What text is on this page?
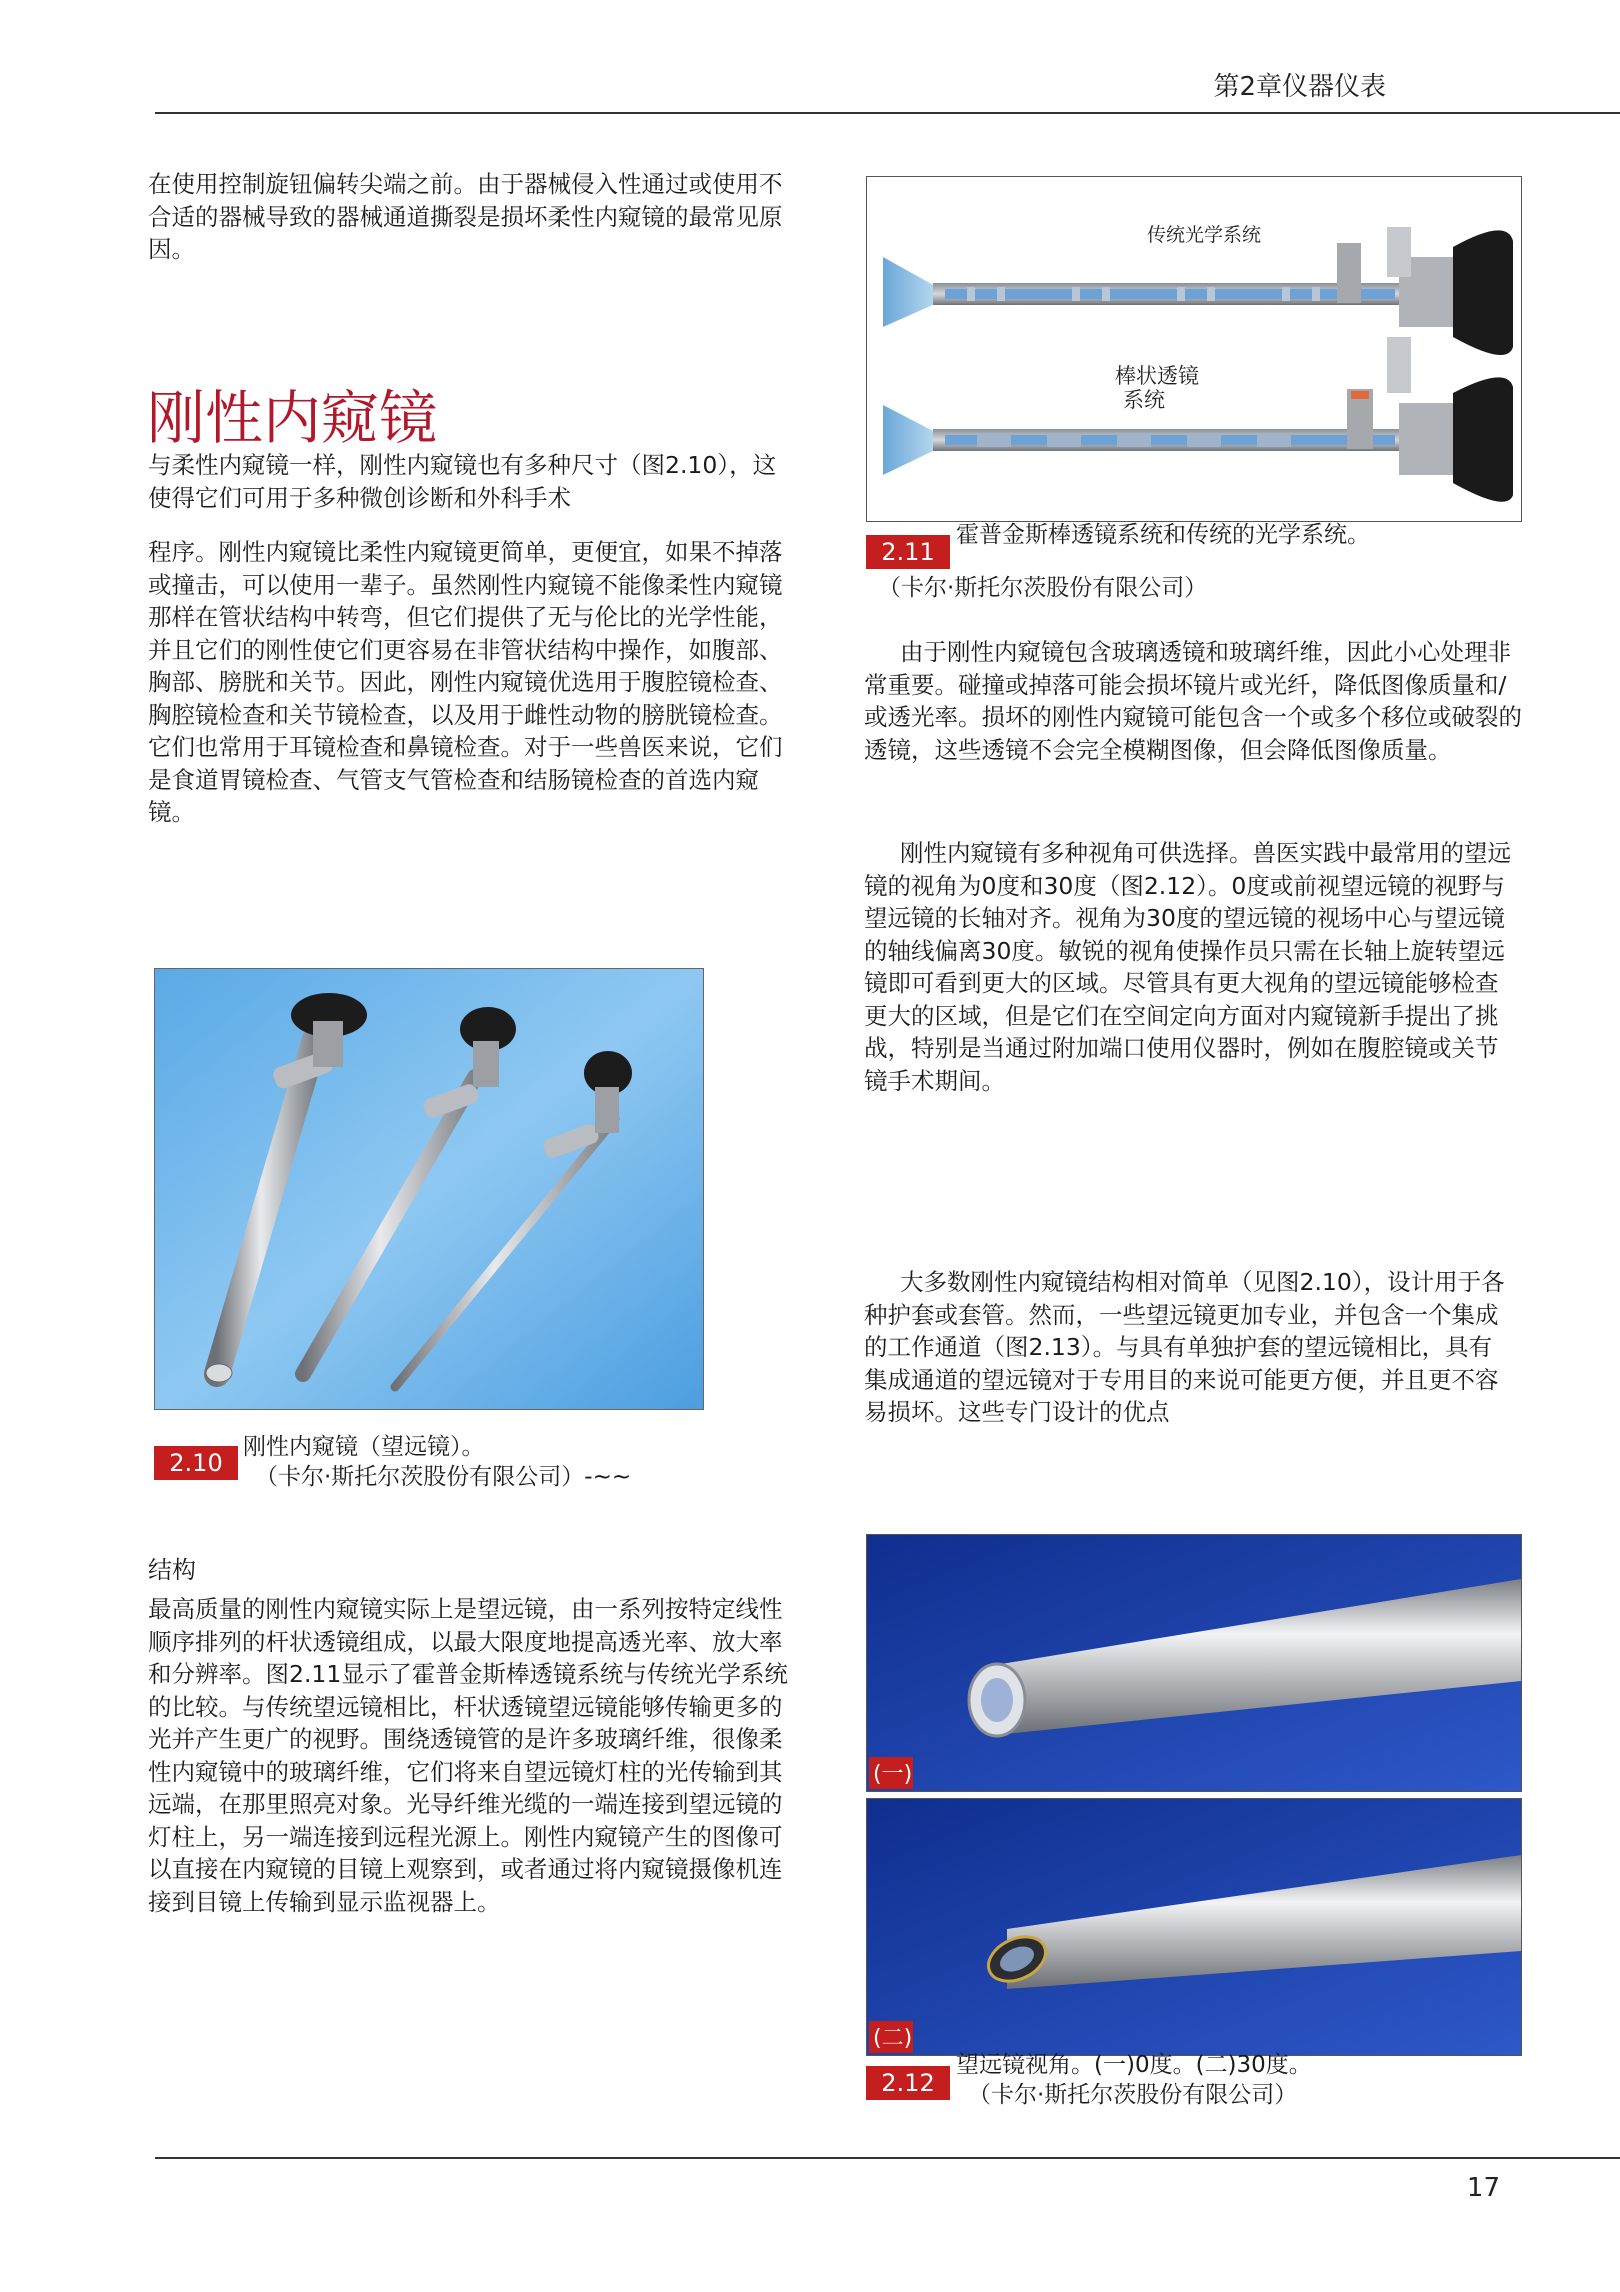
第2章仪器仪表

在使用控制旋钮偏转尖端之前。由于器械侵入性通过或使用不合适的器械导致的器械通道撕裂是损坏柔性内窥镜的最常见原因。

刚性内窥镜

与柔性内窥镜一样，刚性内窥镜也有多种尺寸（图2.10），这使得它们可用于多种微创诊断和外科手术

程序。刚性内窥镜比柔性内窥镜更简单，更便宜，如果不掉落或撞击，可以使用一辈子。虽然刚性内窥镜不能像柔性内窥镜那样在管状结构中转弯，但它们提供了无与伦比的光学性能，并且它们的刚性使它们更容易在非管状结构中操作，如腹部、胸部、膀胱和关节。因此，刚性内窥镜优选用于腹腔镜检查、胸腔镜检查和关节镜检查，以及用于雌性动物的膀胱镜检查。它们也常用于耳镜检查和鼻镜检查。对于一些兽医来说，它们是食道胃镜检查、气管支气管检查和结肠镜检查的首选内窥镜。

2.10
刚性内窥镜（望远镜）。
（卡尔·斯托尔茨股份有限公司）-~~
结构

最高质量的刚性内窥镜实际上是望远镜，由一系列按特定线性顺序排列的杆状透镜组成，以最大限度地提高透光率、放大率和分辨率。图2.11显示了霍普金斯棒透镜系统与传统光学系统的比较。与传统望远镜相比，杆状透镜望远镜能够传输更多的光并产生更广的视野。围绕透镜管的是许多玻璃纤维，很像柔性内窥镜中的玻璃纤维，它们将来自望远镜灯柱的光传输到其远端，在那里照亮对象。光导纤维光缆的一端连接到望远镜的灯柱上，另一端连接到远程光源上。刚性内窥镜产生的图像可以直接在内窥镜的目镜上观察到，或者通过将内窥镜摄像机连接到目镜上传输到显示监视器上。

传统光学系统
棒状透镜
系统
2.11
霍普金斯棒透镜系统和传统的光学系统。
（卡尔·斯托尔茨股份有限公司）

由于刚性内窥镜包含玻璃透镜和玻璃纤维，因此小心处理非常重要。碰撞或掉落可能会损坏镜片或光纤，降低图像质量和/或透光率。损坏的刚性内窥镜可能包含一个或多个移位或破裂的透镜，这些透镜不会完全模糊图像，但会降低图像质量。

刚性内窥镜有多种视角可供选择。兽医实践中最常用的望远镜的视角为0度和30度（图2.12）。0度或前视望远镜的视野与望远镜的长轴对齐。视角为30度的望远镜的视场中心与望远镜的轴线偏离30度。敏锐的视角使操作员只需在长轴上旋转望远镜即可看到更大的区域。尽管具有更大视角的望远镜能够检查更大的区域，但是它们在空间定向方面对内窥镜新手提出了挑战，特别是当通过附加端口使用仪器时，例如在腹腔镜或关节镜手术期间。

大多数刚性内窥镜结构相对简单（见图2.10），设计用于各种护套或套管。然而，一些望远镜更加专业，并包含一个集成的工作通道（图2.13）。与具有单独护套的望远镜相比，具有集成通道的望远镜对于专用目的来说可能更方便，并且更不容易损坏。这些专门设计的优点

(一)
(二)
2.12
望远镜视角。(一)0度。(二)30度。
（卡尔·斯托尔茨股份有限公司）
17
